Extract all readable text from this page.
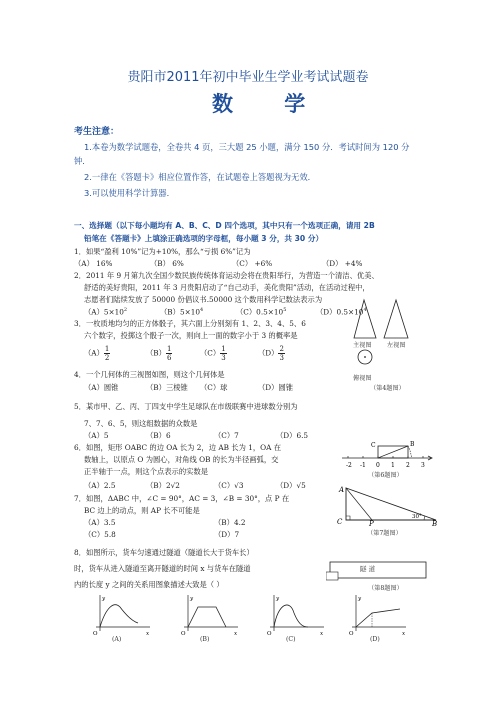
贵阳市2011年初中毕业生学业考试试题卷
数 学
考生注意：
1.本卷为数学试题卷，全卷共 4 页，三大题 25 小题，满分 150 分．考试时间为 120 分
钟．
2.一律在《答题卡》相应位置作答，在试题卷上答题视为无效．
3.可以使用科学计算器．
一、选择题（以下每小题均有 A、B、C、D 四个选项，其中只有一个选项正确，请用 2B
铅笔在《答题卡》上填涂正确选项的字母框，每小题 3 分，共 30 分）
1．如果“盈利 10%”记为+10%，那么“亏损 6%”记为
（A） 16%	（B） 6%	（C） +6%	（D） +4%
2．2011 年 9 月第九次全国少数民族传统体育运动会将在贵阳举行，为营造一个清洁、优美、
舒适的美好贵阳，2011 年 3 月贵阳启动了“自己动手，美化贵阳”活动，在活动过程中，
志愿者们陆续发放了 50000 份倡议书.50000 这个数用科学记数法表示为
$(A)5\times 10^2$	$(B)5\times 10^4$	$(C)0.5\times 10^5$	$(D)0.5\times 10^4$
3．一枚质地均匀的正方体骰子，其六面上分别刻有 1、2、3、4、5、6
六个数字，投掷这个骰子一次，则向上一面的数字小于 3 的概率是
$(A) \frac{1}{2}$	$(B) \frac{1}{6}$	$(C) \frac{1}{3}$	$(D) \frac{2}{3}$
4．一个几何体的三视图如图，则这个几何体是
（A）圆锥	（B）三棱锥 （C）球	（D）圆锥
主视图 左视图
俯视图
（第4题图）
5．某市甲、乙、丙、丁四支中学生足球队在市级联赛中进球数分别为
7、7、6、5，则这组数据的众数是
（A）5	（B）6	（C）7	（D）6.5
6．如图，矩形 OABC 的边 OA 长为 2，边 AB 长为 1，OA 在
数轴上，以原点 O 为圆心，对角线 OB 的长为半径画弧，交
正半轴于一点，则这个点表示的实数是
（A）2.5	（B）2√2	（C）√3	（D）√5
-2 -1 0 1 2 3
C	B
（第6题图）
7．如图，ΔABC 中，∠C = 90°，AC = 3，∠B = 30°，点 P 在
BC 边上的动点，则 AP 长不可能是
（A）3.5	（B）4.2
（C）5.8	（D）7
A
C	P	B
30°
（第7题图）
8．如图所示，货车匀速通过隧道（隧道长大于货车长）
时，货车从进入隧道至离开隧道的时间 x 与货车在隧道
内的长度 y 之间的关系用图象描述大致是（ ）
隧 道
（第8题图）
O	x
y
O	x
y
O	x
y
O	x
y
(A)	(B)	(C)	(D)
